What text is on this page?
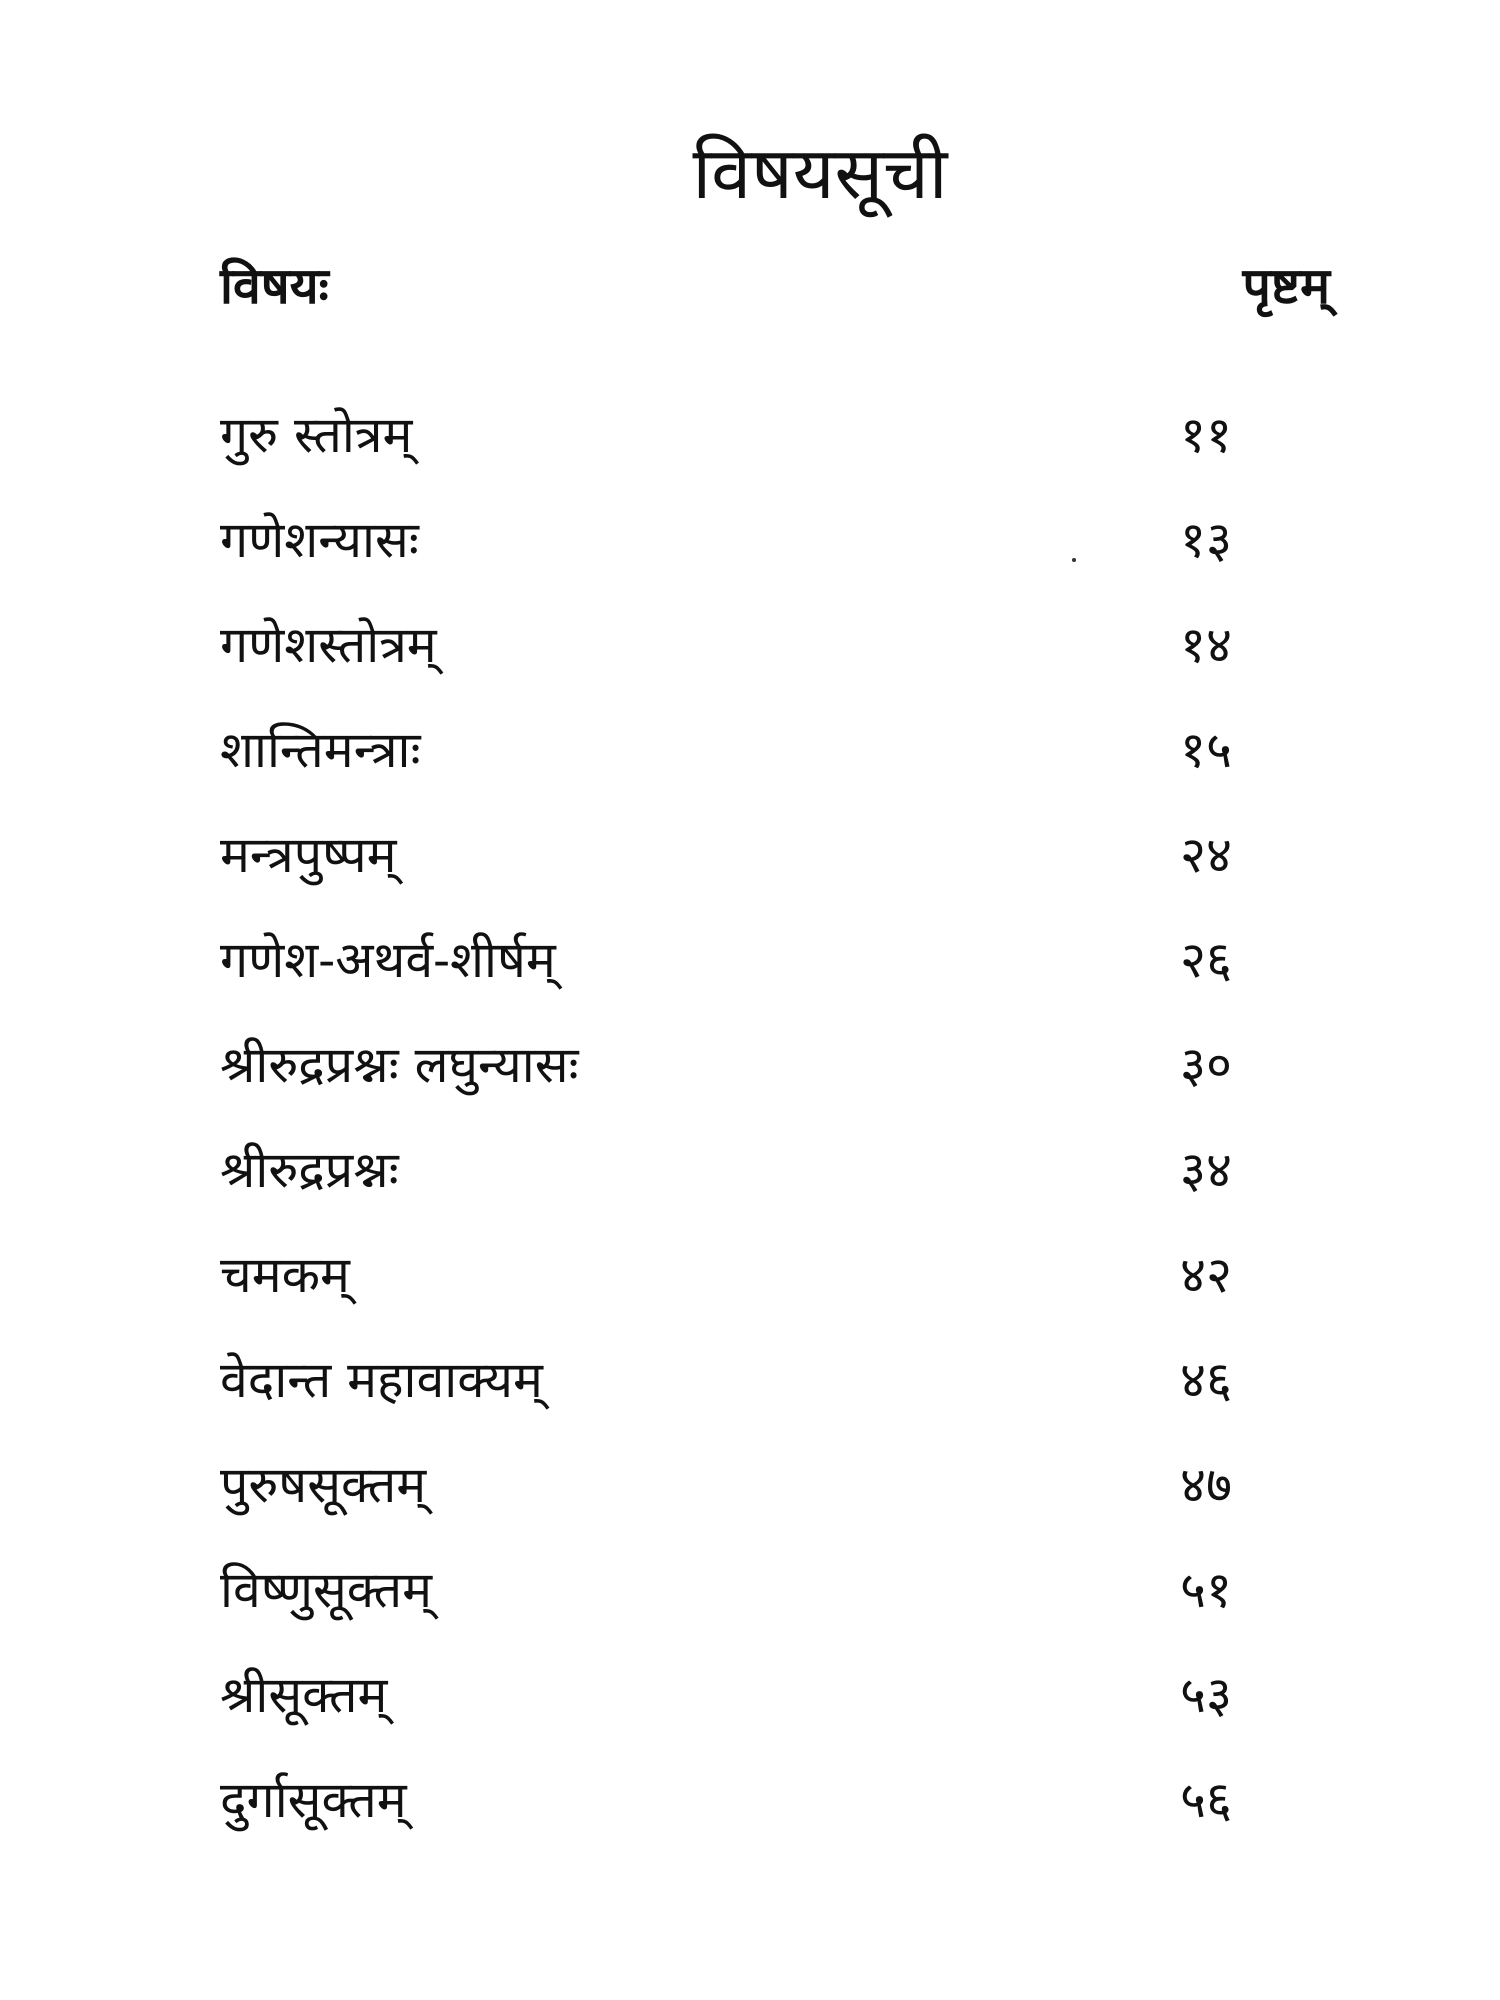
विषयसूची
विषयः	पृष्टम्
गुरु स्तोत्रम्	११
गणेशन्यासः	१३
गणेशस्तोत्रम्	१४
शान्तिमन्त्राः	१५
मन्त्रपुष्पम्	२४
गणेश-अथर्व-शीर्षम्	२६
श्रीरुद्रप्रश्नः लघुन्यासः	३०
श्रीरुद्रप्रश्नः	३४
चमकम्	४२
वेदान्त महावाक्यम्	४६
पुरुषसूक्तम्	४७
विष्णुसूक्तम्	५१
श्रीसूक्तम्	५३
दुर्गासूक्तम्	५६
